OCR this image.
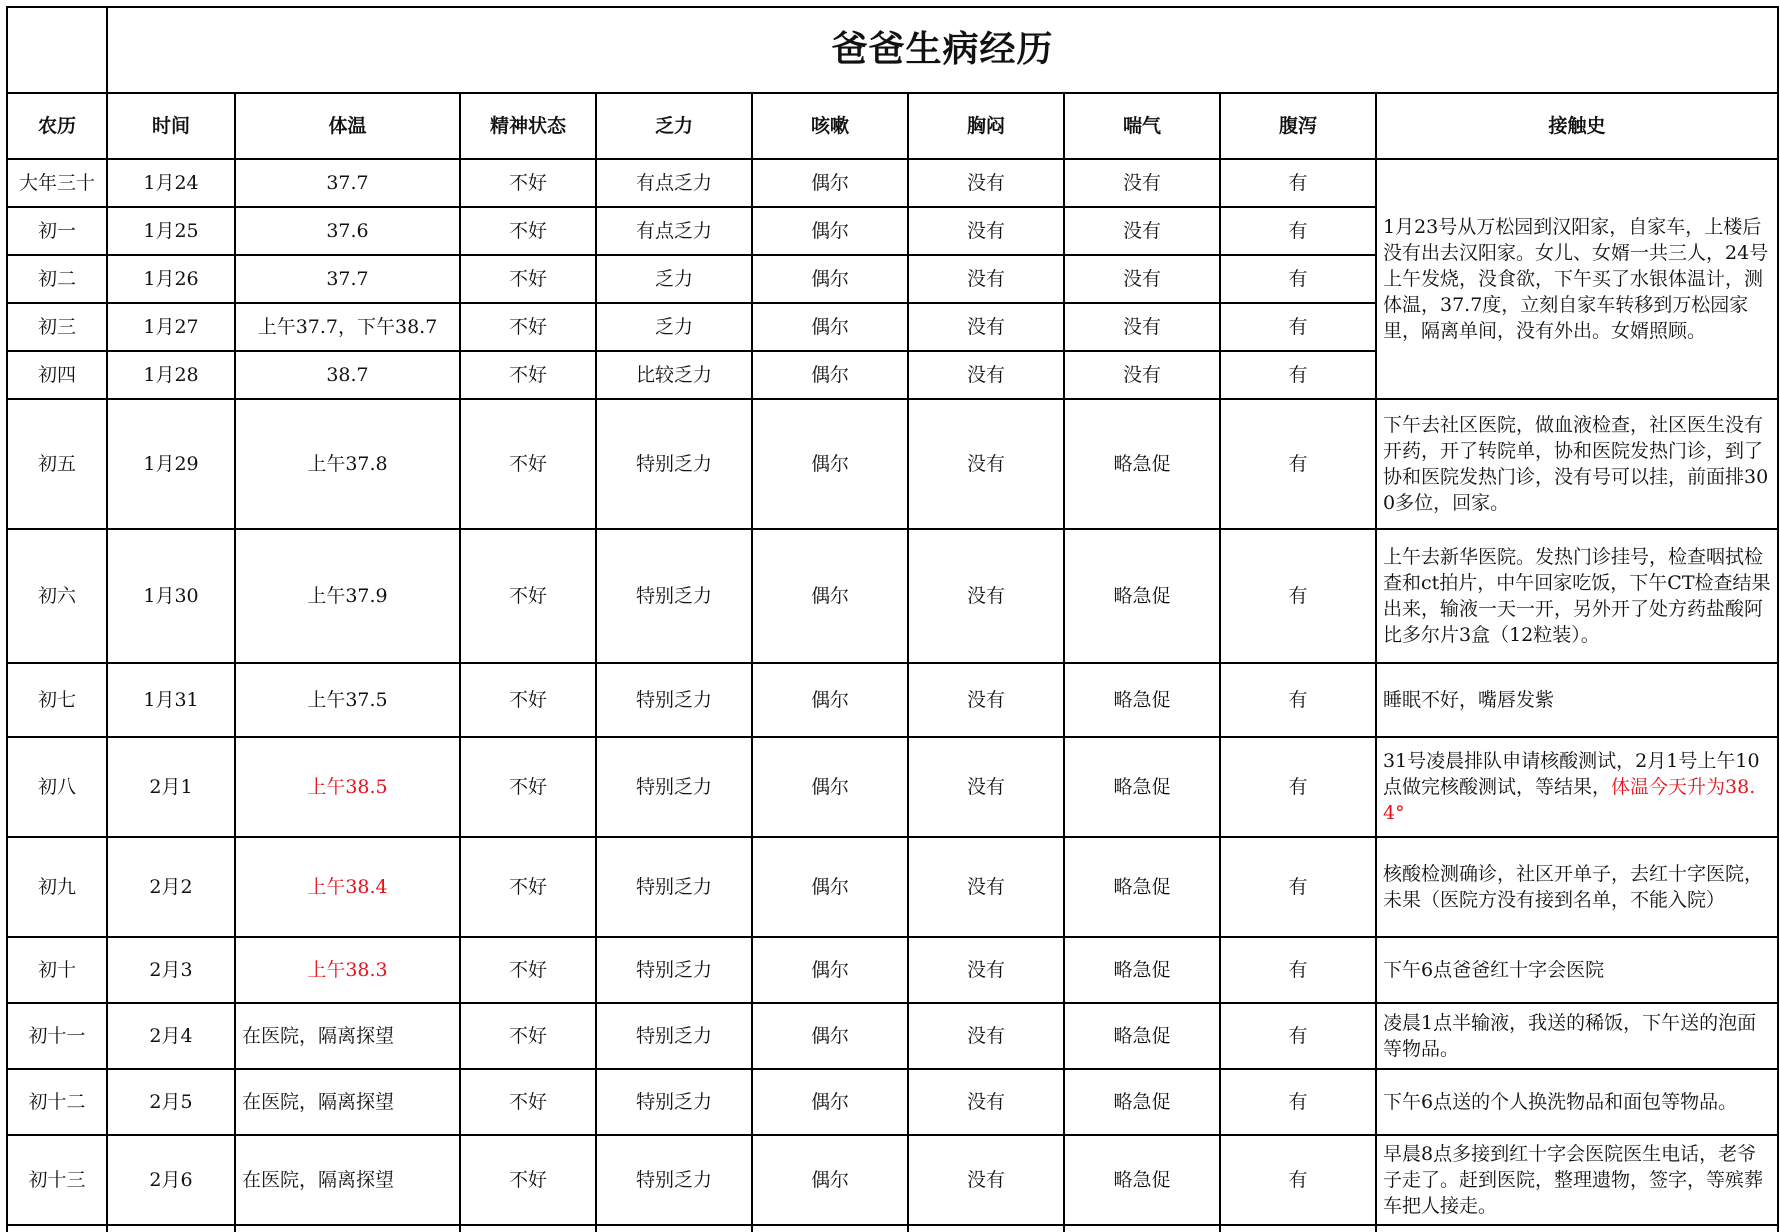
	爸爸生病经历								
农历	时间	体温	精神状态	乏力	咳嗽	胸闷	喘气	腹泻	接触史
大年三十	1月24	37.7	不好	有点乏力	偶尔	没有	没有	有	1月23号从万松园到汉阳家，自家车，上楼后没有出去汉阳家。女儿、女婿一共三人，24号上午发烧，没食欲，下午买了水银体温计，测体温，37.7度，立刻自家车转移到万松园家里，隔离单间，没有外出。女婿照顾。
初一	1月25	37.6	不好	有点乏力	偶尔	没有	没有	有	
初二	1月26	37.7	不好	乏力	偶尔	没有	没有	有	
初三	1月27	上午37.7，下午38.7	不好	乏力	偶尔	没有	没有	有	
初四	1月28	38.7	不好	比较乏力	偶尔	没有	没有	有	
初五	1月29	上午37.8	不好	特别乏力	偶尔	没有	略急促	有	下午去社区医院，做血液检查，社区医生没有开药，开了转院单，协和医院发热门诊，到了协和医院发热门诊，没有号可以挂，前面排300多位，回家。
初六	1月30	上午37.9	不好	特别乏力	偶尔	没有	略急促	有	上午去新华医院。发热门诊挂号，检查咽拭检查和ct拍片，中午回家吃饭，下午CT检查结果出来，输液一天一开，另外开了处方药盐酸阿比多尔片3盒（12粒装）。
初七	1月31	上午37.5	不好	特别乏力	偶尔	没有	略急促	有	睡眠不好，嘴唇发紫
初八	2月1	上午38.5	不好	特别乏力	偶尔	没有	略急促	有	31号凌晨排队申请核酸测试，2月1号上午10点做完核酸测试，等结果，体温今天升为38.4°
初九	2月2	上午38.4	不好	特别乏力	偶尔	没有	略急促	有	核酸检测确诊，社区开单子，去红十字医院，未果（医院方没有接到名单，不能入院）
初十	2月3	上午38.3	不好	特别乏力	偶尔	没有	略急促	有	下午6点爸爸红十字会医院
初十一	2月4	在医院，隔离探望	不好	特别乏力	偶尔	没有	略急促	有	凌晨1点半输液，我送的稀饭，下午送的泡面等物品。
初十二	2月5	在医院，隔离探望	不好	特别乏力	偶尔	没有	略急促	有	下午6点送的个人换洗物品和面包等物品。
初十三	2月6	在医院，隔离探望	不好	特别乏力	偶尔	没有	略急促	有	早晨8点多接到红十字会医院医生电话，老爷子走了。赶到医院，整理遗物，签字，等殡葬车把人接走。
